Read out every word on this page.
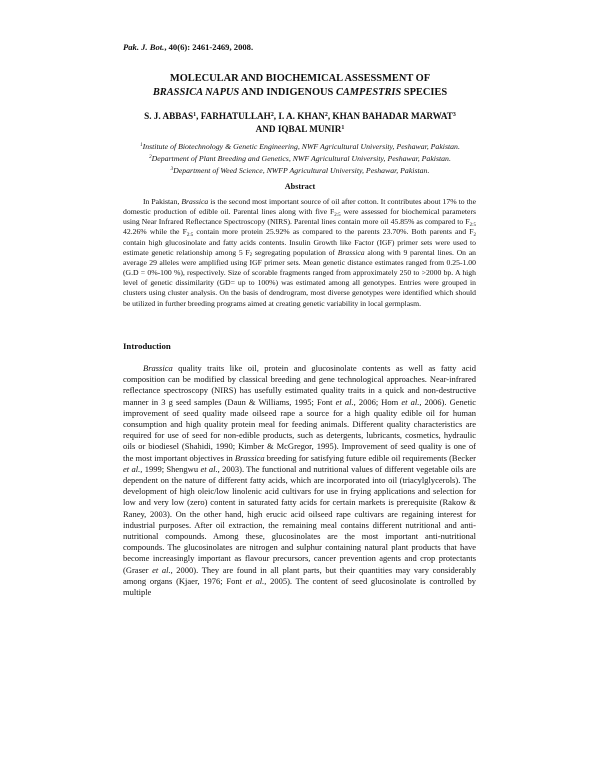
Pak. J. Bot., 40(6): 2461-2469, 2008.
MOLECULAR AND BIOCHEMICAL ASSESSMENT OF
BRASSICA NAPUS AND INDIGENOUS CAMPESTRIS SPECIES
S. J. ABBAS$^1$, FARHATULLAH$^2$, I. A. KHAN$^2$, KHAN BAHADAR MARWAT$^3$
AND IQBAL MUNIR$^1$
$^1$Institute of Biotechnology & Genetic Engineering, NWF Agricultural University, Peshawar, Pakistan.
$^2$Department of Plant Breeding and Genetics, NWF Agricultural University, Peshawar, Pakistan.
$^3$Department of Weed Science, NWFP Agricultural University, Peshawar, Pakistan.
Abstract
In Pakistan, Brassica is the second most important source of oil after cotton. It contributes about 17% to the domestic production of edible oil. Parental lines along with five $F_{2:5}$ were assessed for biochemical parameters using Near Infrared Reflectance Spectroscopy (NIRS). Parental lines contain more oil 45.85% as compared to $F_{2:5}$ 42.26% while the $F_{2:5}$ contain more protein 25.92% as compared to the parents 23.70%. Both parents and $F_2$ contain high glucosinolate and fatty acids contents. Insulin Growth like Factor (IGF) primer sets were used to estimate genetic relationship among 5 $F_2$ segregating population of Brassica along with 9 parental lines. On an average 29 alleles were amplified using IGF primer sets. Mean genetic distance estimates ranged from 0.25-1.00 (G.D = 0%-100 %), respectively. Size of scorable fragments ranged from approximately 250 to >2000 bp. A high level of genetic dissimilarity (GD= up to 100%) was estimated among all genotypes. Entries were grouped in clusters using cluster analysis. On the basis of dendrogram, most diverse genotypes were identified which should be utilized in further breeding programs aimed at creating genetic variability in local germplasm.
Introduction
Brassica quality traits like oil, protein and glucosinolate contents as well as fatty acid composition can be modified by classical breeding and gene technological approaches. Near-infrared reflectance spectroscopy (NIRS) has usefully estimated quality traits in a quick and non-destructive manner in 3 g seed samples (Daun & Williams, 1995; Font et al., 2006; Hom et al., 2006). Genetic improvement of seed quality made oilseed rape a source for a high quality edible oil for human consumption and high quality protein meal for feeding animals. Different quality characteristics are required for use of seed for non-edible products, such as detergents, lubricants, cosmetics, hydraulic oils or biodiesel (Shahidi, 1990; Kimber & McGregor, 1995). Improvement of seed quality is one of the most important objectives in Brassica breeding for satisfying future edible oil requirements (Becker et al., 1999; Shengwu et al., 2003). The functional and nutritional values of different vegetable oils are dependent on the nature of different fatty acids, which are incorporated into oil (triacylglycerols). The development of high oleic/low linolenic acid cultivars for use in frying applications and selection for low and very low (zero) content in saturated fatty acids for certain markets is prerequisite (Rakow & Raney, 2003). On the other hand, high erucic acid oilseed rape cultivars are regaining interest for industrial purposes. After oil extraction, the remaining meal contains different nutritional and anti-nutritional compounds. Among these, glucosinolates are the most important anti-nutritional compounds. The glucosinolates are nitrogen and sulphur containing natural plant products that have become increasingly important as flavour precursors, cancer prevention agents and crop protectants (Graser et al., 2000). They are found in all plant parts, but their quantities may vary considerably among organs (Kjaer, 1976; Font et al., 2005). The content of seed glucosinolate is controlled by multiple
